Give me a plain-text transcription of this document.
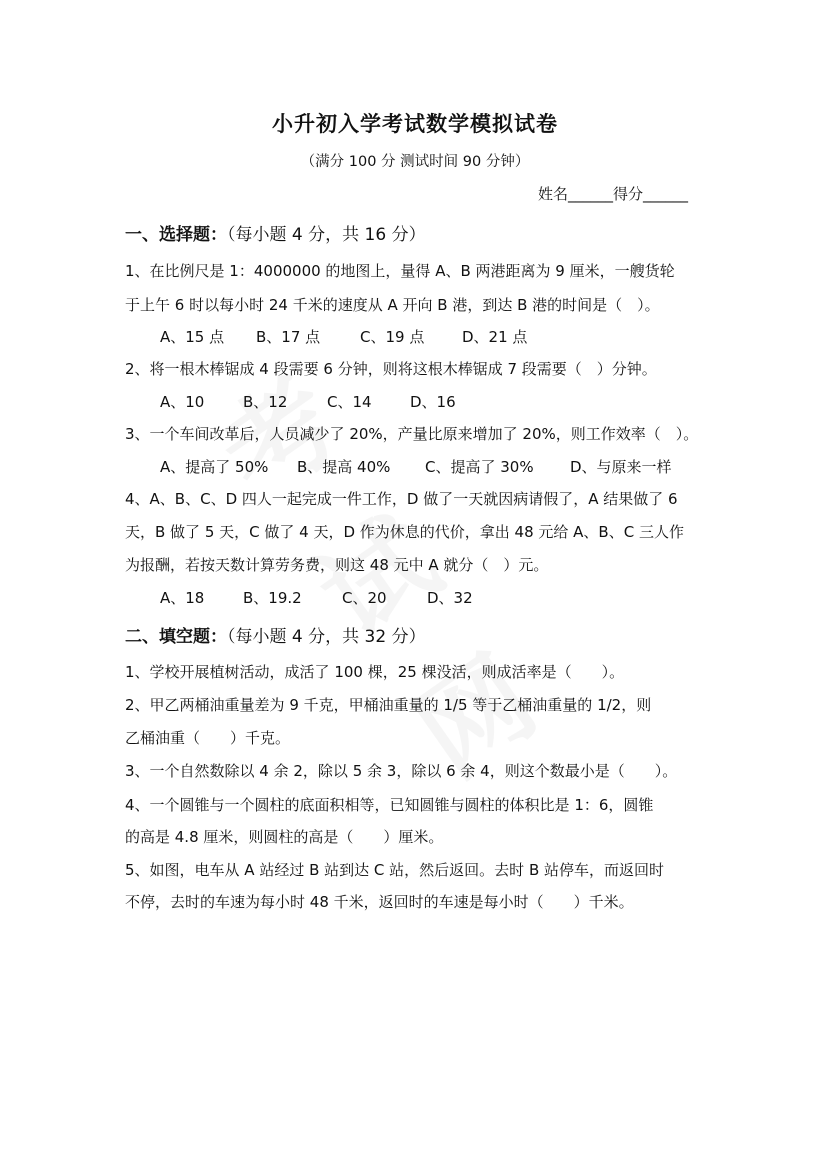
小升初入学考试数学模拟试卷
（满分 100 分 测试时间 90 分钟）
姓名______得分______
一、选择题：（每小题 4 分，共 16 分）
1、在比例尺是 1：4000000 的地图上，量得 A、B 两港距离为 9 厘米，一艘货轮
于上午 6 时以每小时 24 千米的速度从 A 开向 B 港，到达 B 港的时间是（　）。
A、15 点 B、17 点	C、19 点	D、21 点
2、将一根木棒锯成 4 段需要 6 分钟，则将这根木棒锯成 7 段需要（　）分钟。
A、10	B、12	C、14	D、16
3、一个车间改革后，人员减少了 20%，产量比原来增加了 20%，则工作效率（　）。
A、提高了 50% B、提高 40% C、提高了 30% D、与原来一样
4、A、B、C、D 四人一起完成一件工作，D 做了一天就因病请假了，A 结果做了 6
天，B 做了 5 天，C 做了 4 天，D 作为休息的代价，拿出 48 元给 A、B、C 三人作
为报酬，若按天数计算劳务费，则这 48 元中 A 就分（　）元。
A、18	B、19.2	C、20	D、32
二、填空题：（每小题 4 分，共 32 分）
1、学校开展植树活动，成活了 100 棵，25 棵没活，则成活率是（　　）。
2、甲乙两桶油重量差为 9 千克，甲桶油重量的 1/5 等于乙桶油重量的 1/2，则
乙桶油重（　　）千克。
3、一个自然数除以 4 余 2，除以 5 余 3，除以 6 余 4，则这个数最小是（　　）。
4、一个圆锥与一个圆柱的底面积相等，已知圆锥与圆柱的体积比是 1：6，圆锥
的高是 4.8 厘米，则圆柱的高是（　　）厘米。
5、如图，电车从 A 站经过 B 站到达 C 站，然后返回。去时 B 站停车，而返回时
不停，去时的车速为每小时 48 千米，返回时的车速是每小时（　　）千米。
